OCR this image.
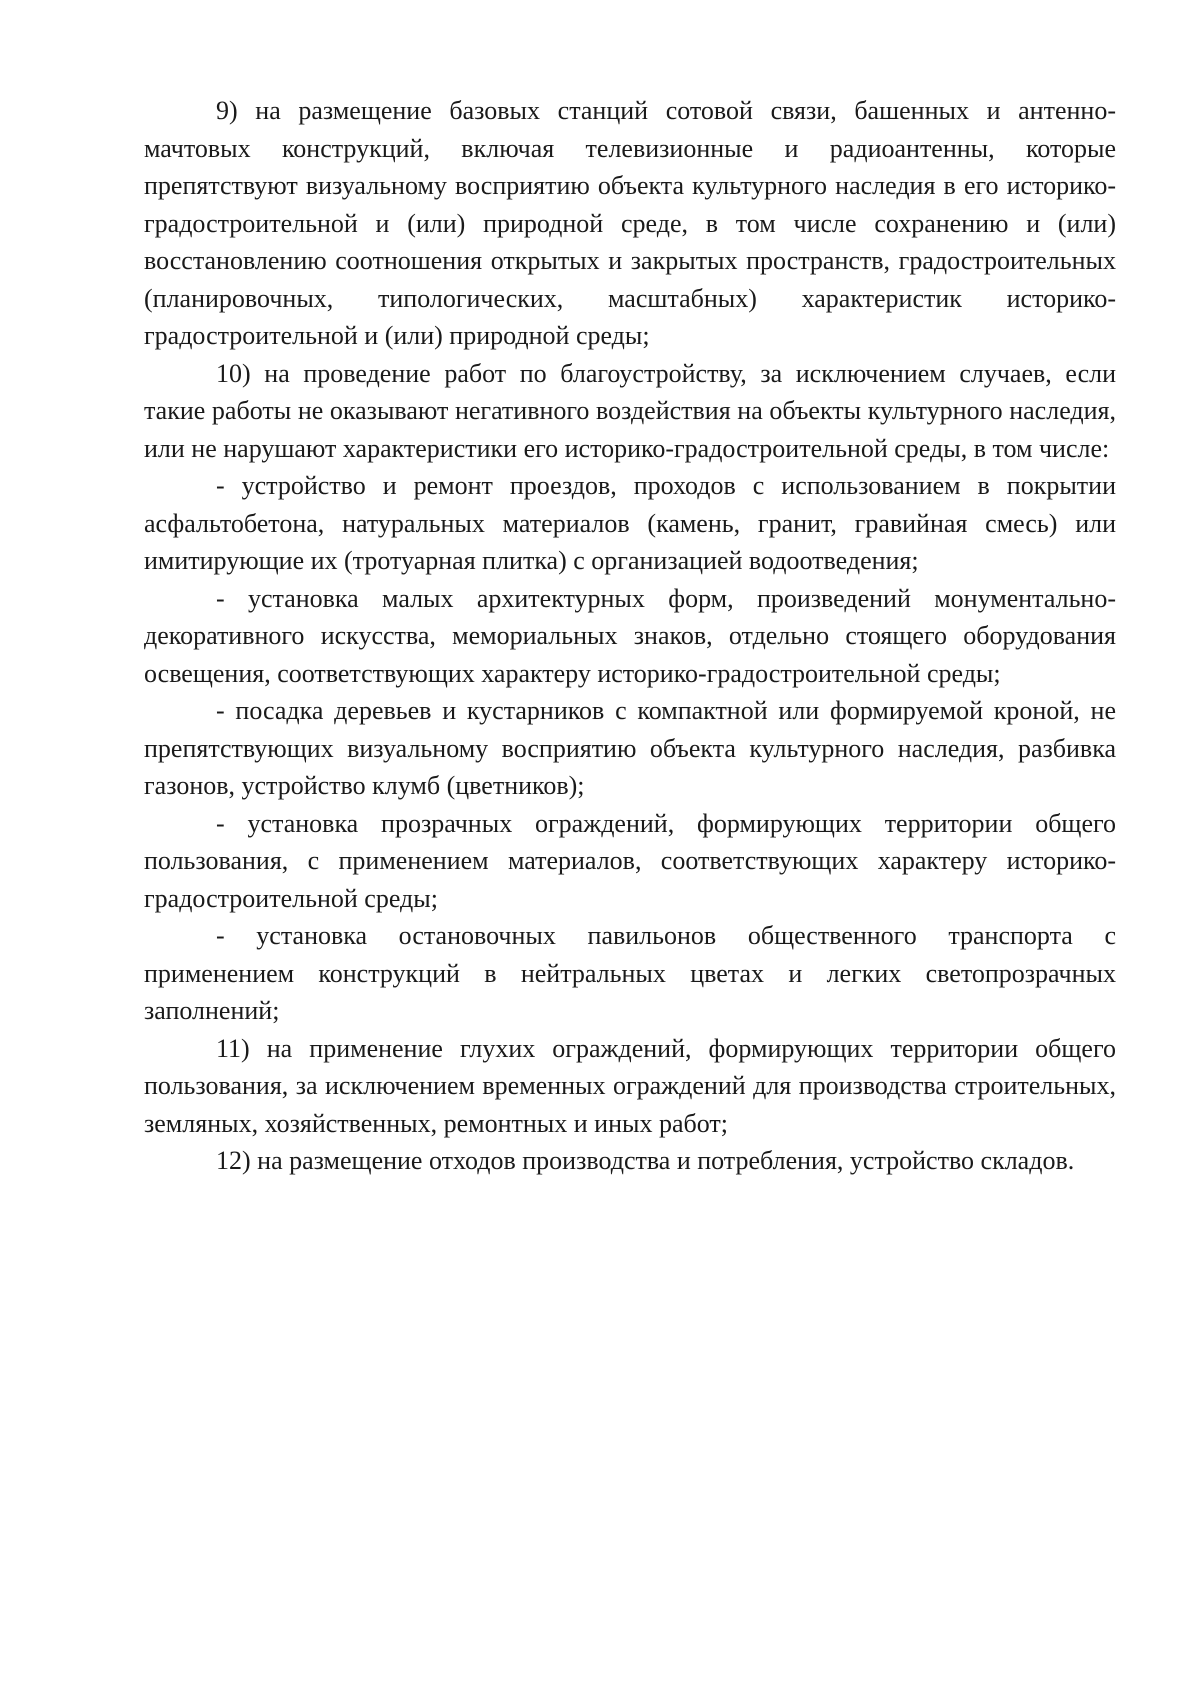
9) на размещение базовых станций сотовой связи, башенных и антенно-мачтовых конструкций, включая телевизионные и радиоантенны, которые препятствуют визуальному восприятию объекта культурного наследия в его историко-градостроительной и (или) природной среде, в том числе сохранению и (или) восстановлению соотношения открытых и закрытых пространств, градостроительных (планировочных, типологических, масштабных) характеристик историко-градостроительной и (или) природной среды;

10) на проведение работ по благоустройству, за исключением случаев, если такие работы не оказывают негативного воздействия на объекты культурного наследия, или не нарушают характеристики его историко-градостроительной среды, в том числе:

- устройство и ремонт проездов, проходов с использованием в покрытии асфальтобетона, натуральных материалов (камень, гранит, гравийная смесь) или имитирующие их (тротуарная плитка) с организацией водоотведения;

- установка малых архитектурных форм, произведений монументально-декоративного искусства, мемориальных знаков, отдельно стоящего оборудования освещения, соответствующих характеру историко-градостроительной среды;

- посадка деревьев и кустарников с компактной или формируемой кроной, не препятствующих визуальному восприятию объекта культурного наследия, разбивка газонов, устройство клумб (цветников);

- установка прозрачных ограждений, формирующих территории общего пользования, с применением материалов, соответствующих характеру историко-градостроительной среды;

- установка остановочных павильонов общественного транспорта с применением конструкций в нейтральных цветах и легких светопрозрачных заполнений;

11) на применение глухих ограждений, формирующих территории общего пользования, за исключением временных ограждений для производства строительных, земляных, хозяйственных, ремонтных и иных работ;

12) на размещение отходов производства и потребления, устройство складов.
